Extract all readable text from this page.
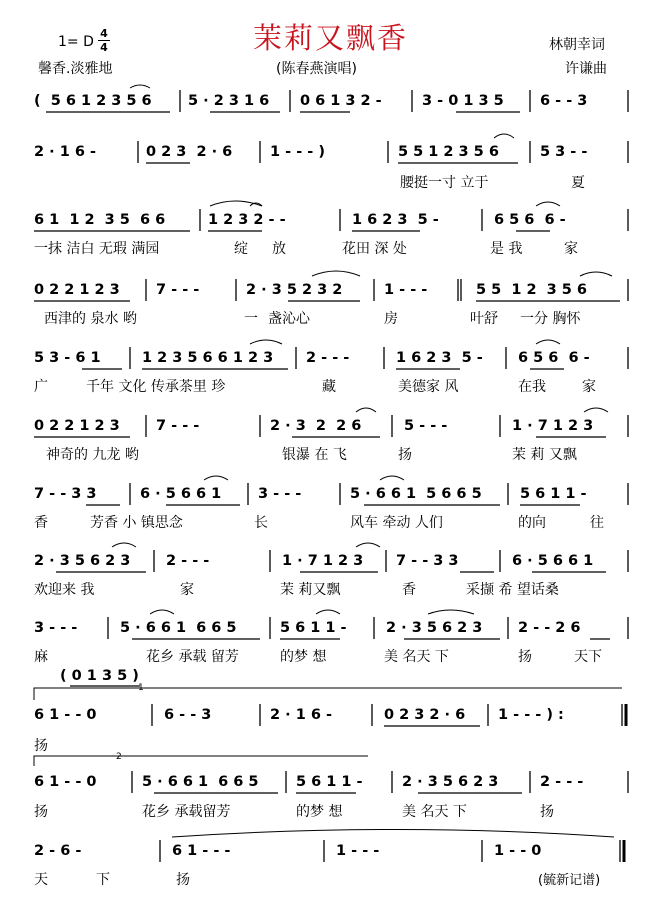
茉莉又飘香
1= D
4
4	林朝幸词
馨香.淡雅地	(陈春燕演唱)	许谦曲
(  5 6 1 2 3 5 6	5 · 2 3 1 6 0 6 1 3 2 -	3 - 0 1 3 5	6 - - 3
2 · 1 6 -	0 2 3  2 · 6	1 - - - )	5 5 1 2 3 5 6	5 3 - -
腰挺一寸 立于	夏
6 1  1 2  3 5  6 6	1 2 3 2 - -	1 6 2 3  5 -	6 5 6  6 -
一抹 洁白 无瑕 满园	绽 放	花田 深 处	是 我	家
0 2 2 1 2 3 7 - - -	2 · 3 5 2 3 2	1 - - -	5 5  1 2  3 5 6
西津的 泉水 哟	一 盏沁心	房	叶舒 一分 胸怀
5 3 - 6 1	1 2 3 5 6 6 1 2 3 2 - - -	1 6 2 3  5 - 6 5 6  6 -
广	千年 文化 传承茶里 珍	藏	美德家 风	在我	家
0 2 2 1 2 3 7 - - -	2 · 3  2  2 6	5 - - -	1 · 7 1 2 3
神奇的 九龙 哟	银瀑 在 飞	扬	茉 莉 又飘
7 - - 3 3	6 · 5 6 6 1	3 - - -	5 · 6 6 1  5 6 6 5	5 6 1 1 -
香	芳香 小 镇思念	长	风车 牵动 人们	的向	往
2 · 3 5 6 2 3 2 - - -	1 · 7 1 2 3 7 - - 3 3	6 · 5 6 6 1
欢迎来 我	家	茉 莉又飘	香	采撷 希 望话桑
3 - - -	5 · 6 6 1  6 6 5	5 6 1 1 -	2 · 3 5 6 2 3 2 - - 2 6
麻	花乡 承载 留芳	的梦 想	美 名天 下	扬	天下
( 0 1 3 5 )
1
6 1 - - 0	6 - - 3	2 · 1 6 -	0 2 3 2 · 6 1 - - - ) :
扬
2
6 1 - - 0	5 · 6 6 1  6 6 5	5 6 1 1 -	2 · 3 5 6 2 3	2 - - -
扬	花乡 承载留芳	的梦 想	美 名天 下	扬
2 - 6 -	6 1 - - -	1 - - -	1 - - 0
天	下	扬	(毓新记谱)
